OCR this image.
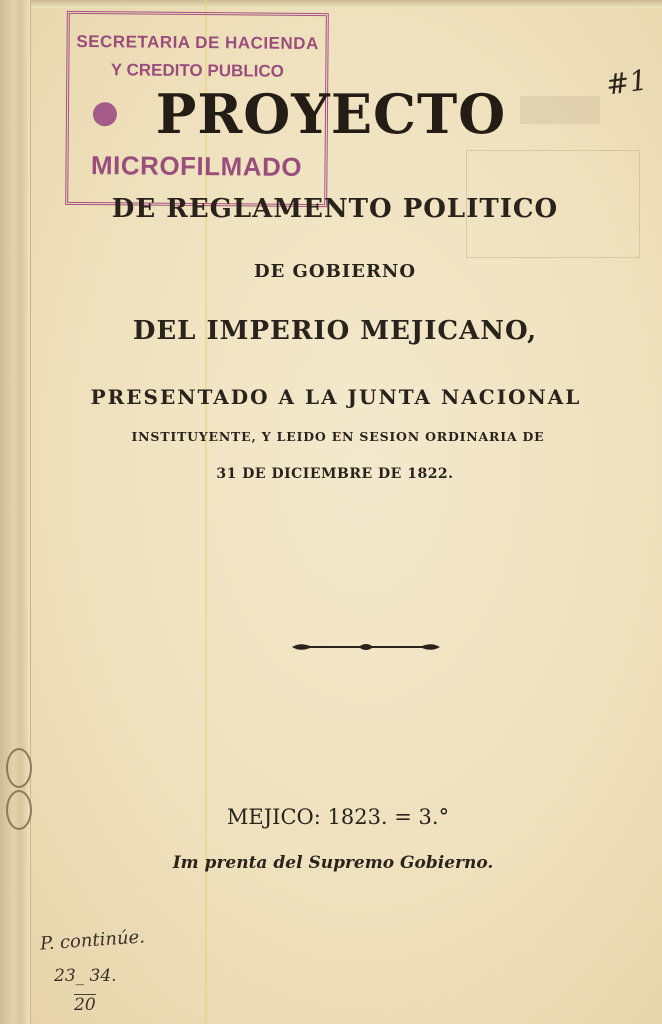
SECRETARIA DE HACIENDA
Y CREDITO PUBLICO
MICROFILMADO
#1
PROYECTO
DE REGLAMENTO POLITICO
DE GOBIERNO
DEL IMPERIO MEJICANO,
PRESENTADO A LA JUNTA NACIONAL
INSTITUYENTE, Y LEIDO EN SESION ORDINARIA DE
31 DE DICIEMBRE DE 1822.
MEJICO: 1823. = 3.°
Im prenta del Supremo Gobierno.
P. continúe.
23_ 34.
20
